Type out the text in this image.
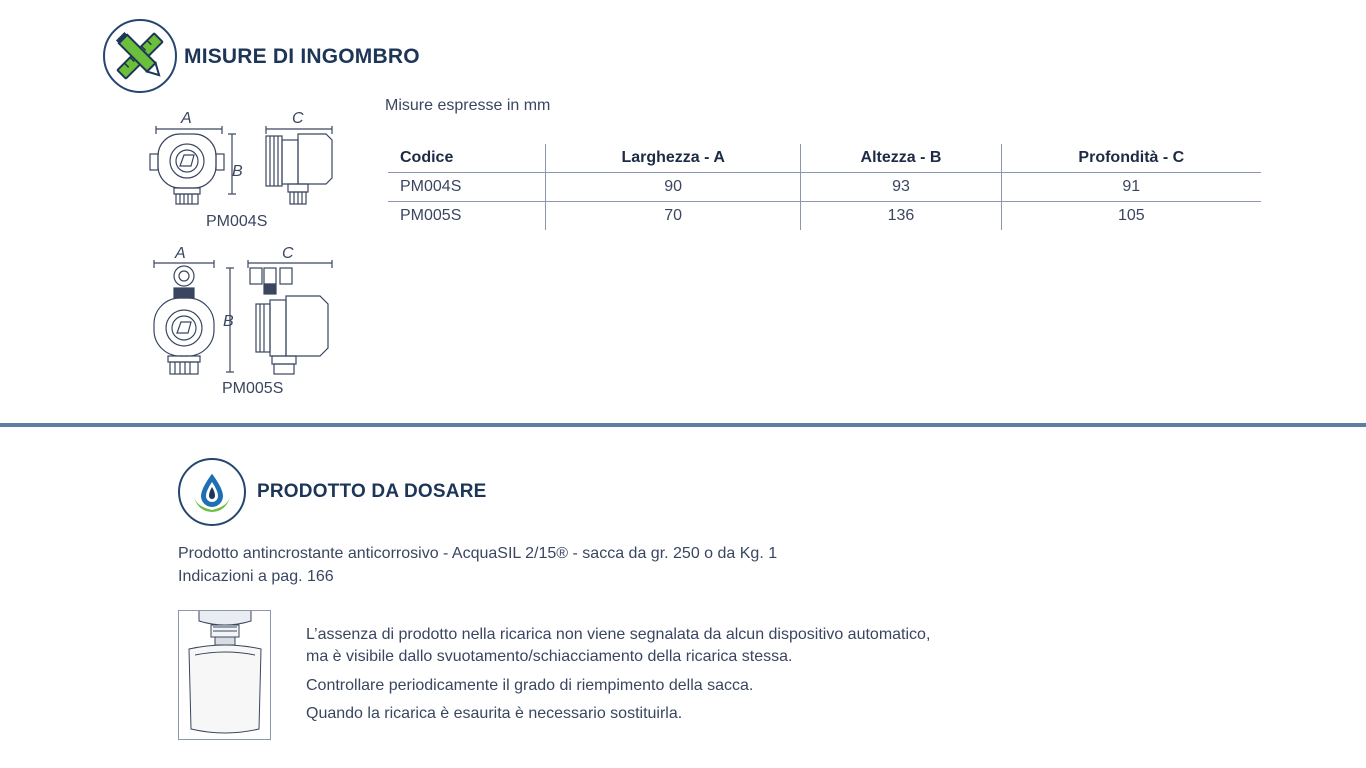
MISURE DI INGOMBRO
Misure espresse in mm
Codice	Larghezza - A	Altezza - B	Profondità - C
PM004S	90	93	91
PM005S	70	136	105
A	C
B
PM004S
A	C
B
PM005S
PRODOTTO DA DOSARE
Prodotto antincrostante anticorrosivo - AcquaSIL 2/15® - sacca da gr. 250 o da Kg. 1
Indicazioni a pag. 166
L’assenza di prodotto nella ricarica non viene segnalata da alcun dispositivo automatico,
ma è visibile dallo svuotamento/schiacciamento della ricarica stessa.
Controllare periodicamente il grado di riempimento della sacca.
Quando la ricarica è esaurita è necessario sostituirla.
